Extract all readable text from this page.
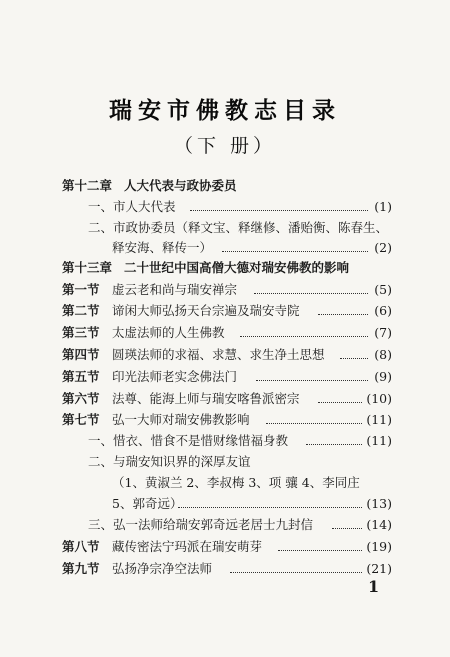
瑞安市佛教志目录
（下 册）
第十二章 人大代表与政协委员
一、市人大代表	(1)
二、市政协委员（释文宝、释继修、潘贻衡、陈春生、
释安海、释传一）	(2)
第十三章 二十世纪中国高僧大德对瑞安佛教的影响
第一节 虚云老和尚与瑞安禅宗	(5)
第二节 谛闲大师弘扬天台宗遍及瑞安寺院	(6)
第三节 太虚法师的人生佛教	(7)
第四节 圆瑛法师的求福、求慧、求生净土思想	(8)
第五节 印光法师老实念佛法门	(9)
第六节 法尊、能海上师与瑞安喀鲁派密宗	(10)
第七节 弘一大师对瑞安佛教影响	(11)
一、惜衣、惜食不是惜财缘惜福身教	(11)
二、与瑞安知识界的深厚友谊
（1、黄淑兰 2、李叔梅 3、项 骧 4、李同庄
5、郭奇远）	(13)
三、弘一法师给瑞安郭奇远老居士九封信	(14)
第八节 藏传密法宁玛派在瑞安萌芽	(19)
第九节 弘扬净宗净空法师	(21)
1
